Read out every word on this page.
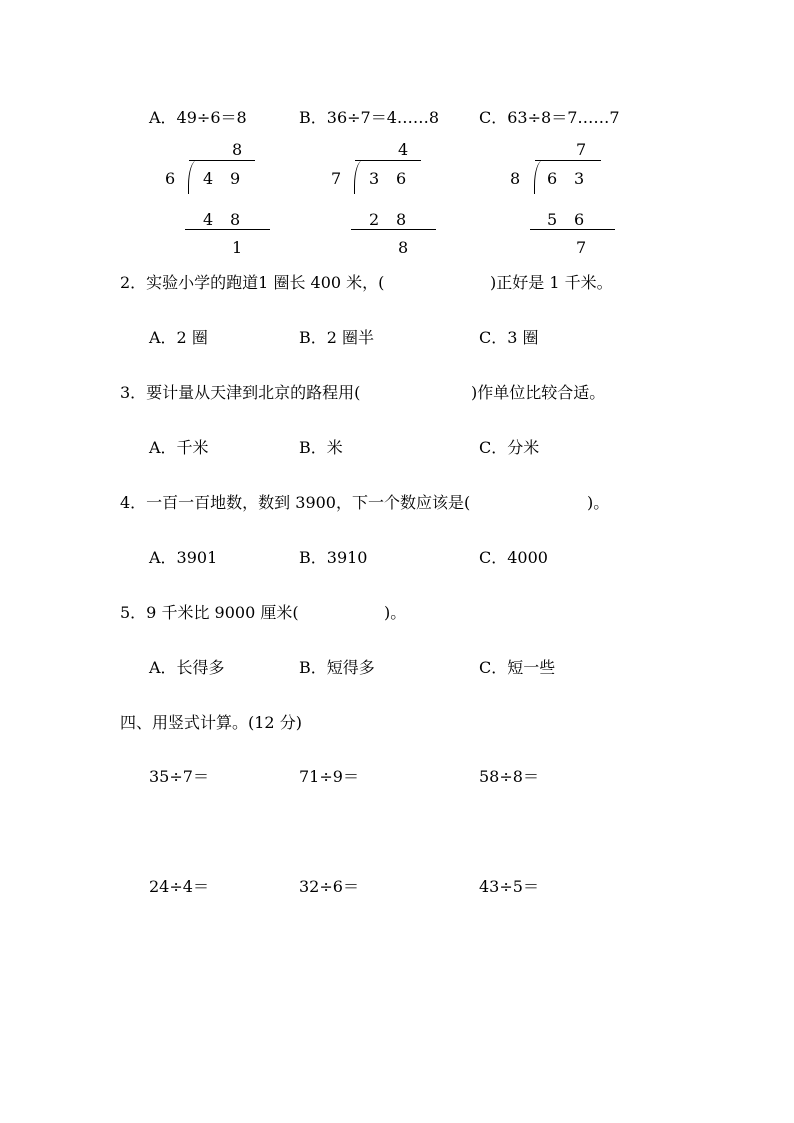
A．49÷6＝8	B．36÷7＝4……8 C．63÷8＝7……7
8
6 4 9
4 8
1
4
7 3 6
2 8
8
7
8 6 3
5 6
7
2．实验小学的跑道1 圈长 400 米，(	)正好是 1 千米。
A．2 圈	B．2 圈半	C．3 圈
3．要计量从天津到北京的路程用(	)作单位比较合适。
A．千米	B．米	C．分米
4．一百一百地数，数到 3900，下一个数应该是(	)。
A．3901	B．3910	C．4000
5．9 千米比 9000 厘米(	)。
A．长得多	B．短得多	C．短一些
四、用竖式计算。(12 分)
35÷7＝	71÷9＝	58÷8＝
24÷4＝	32÷6＝	43÷5＝
